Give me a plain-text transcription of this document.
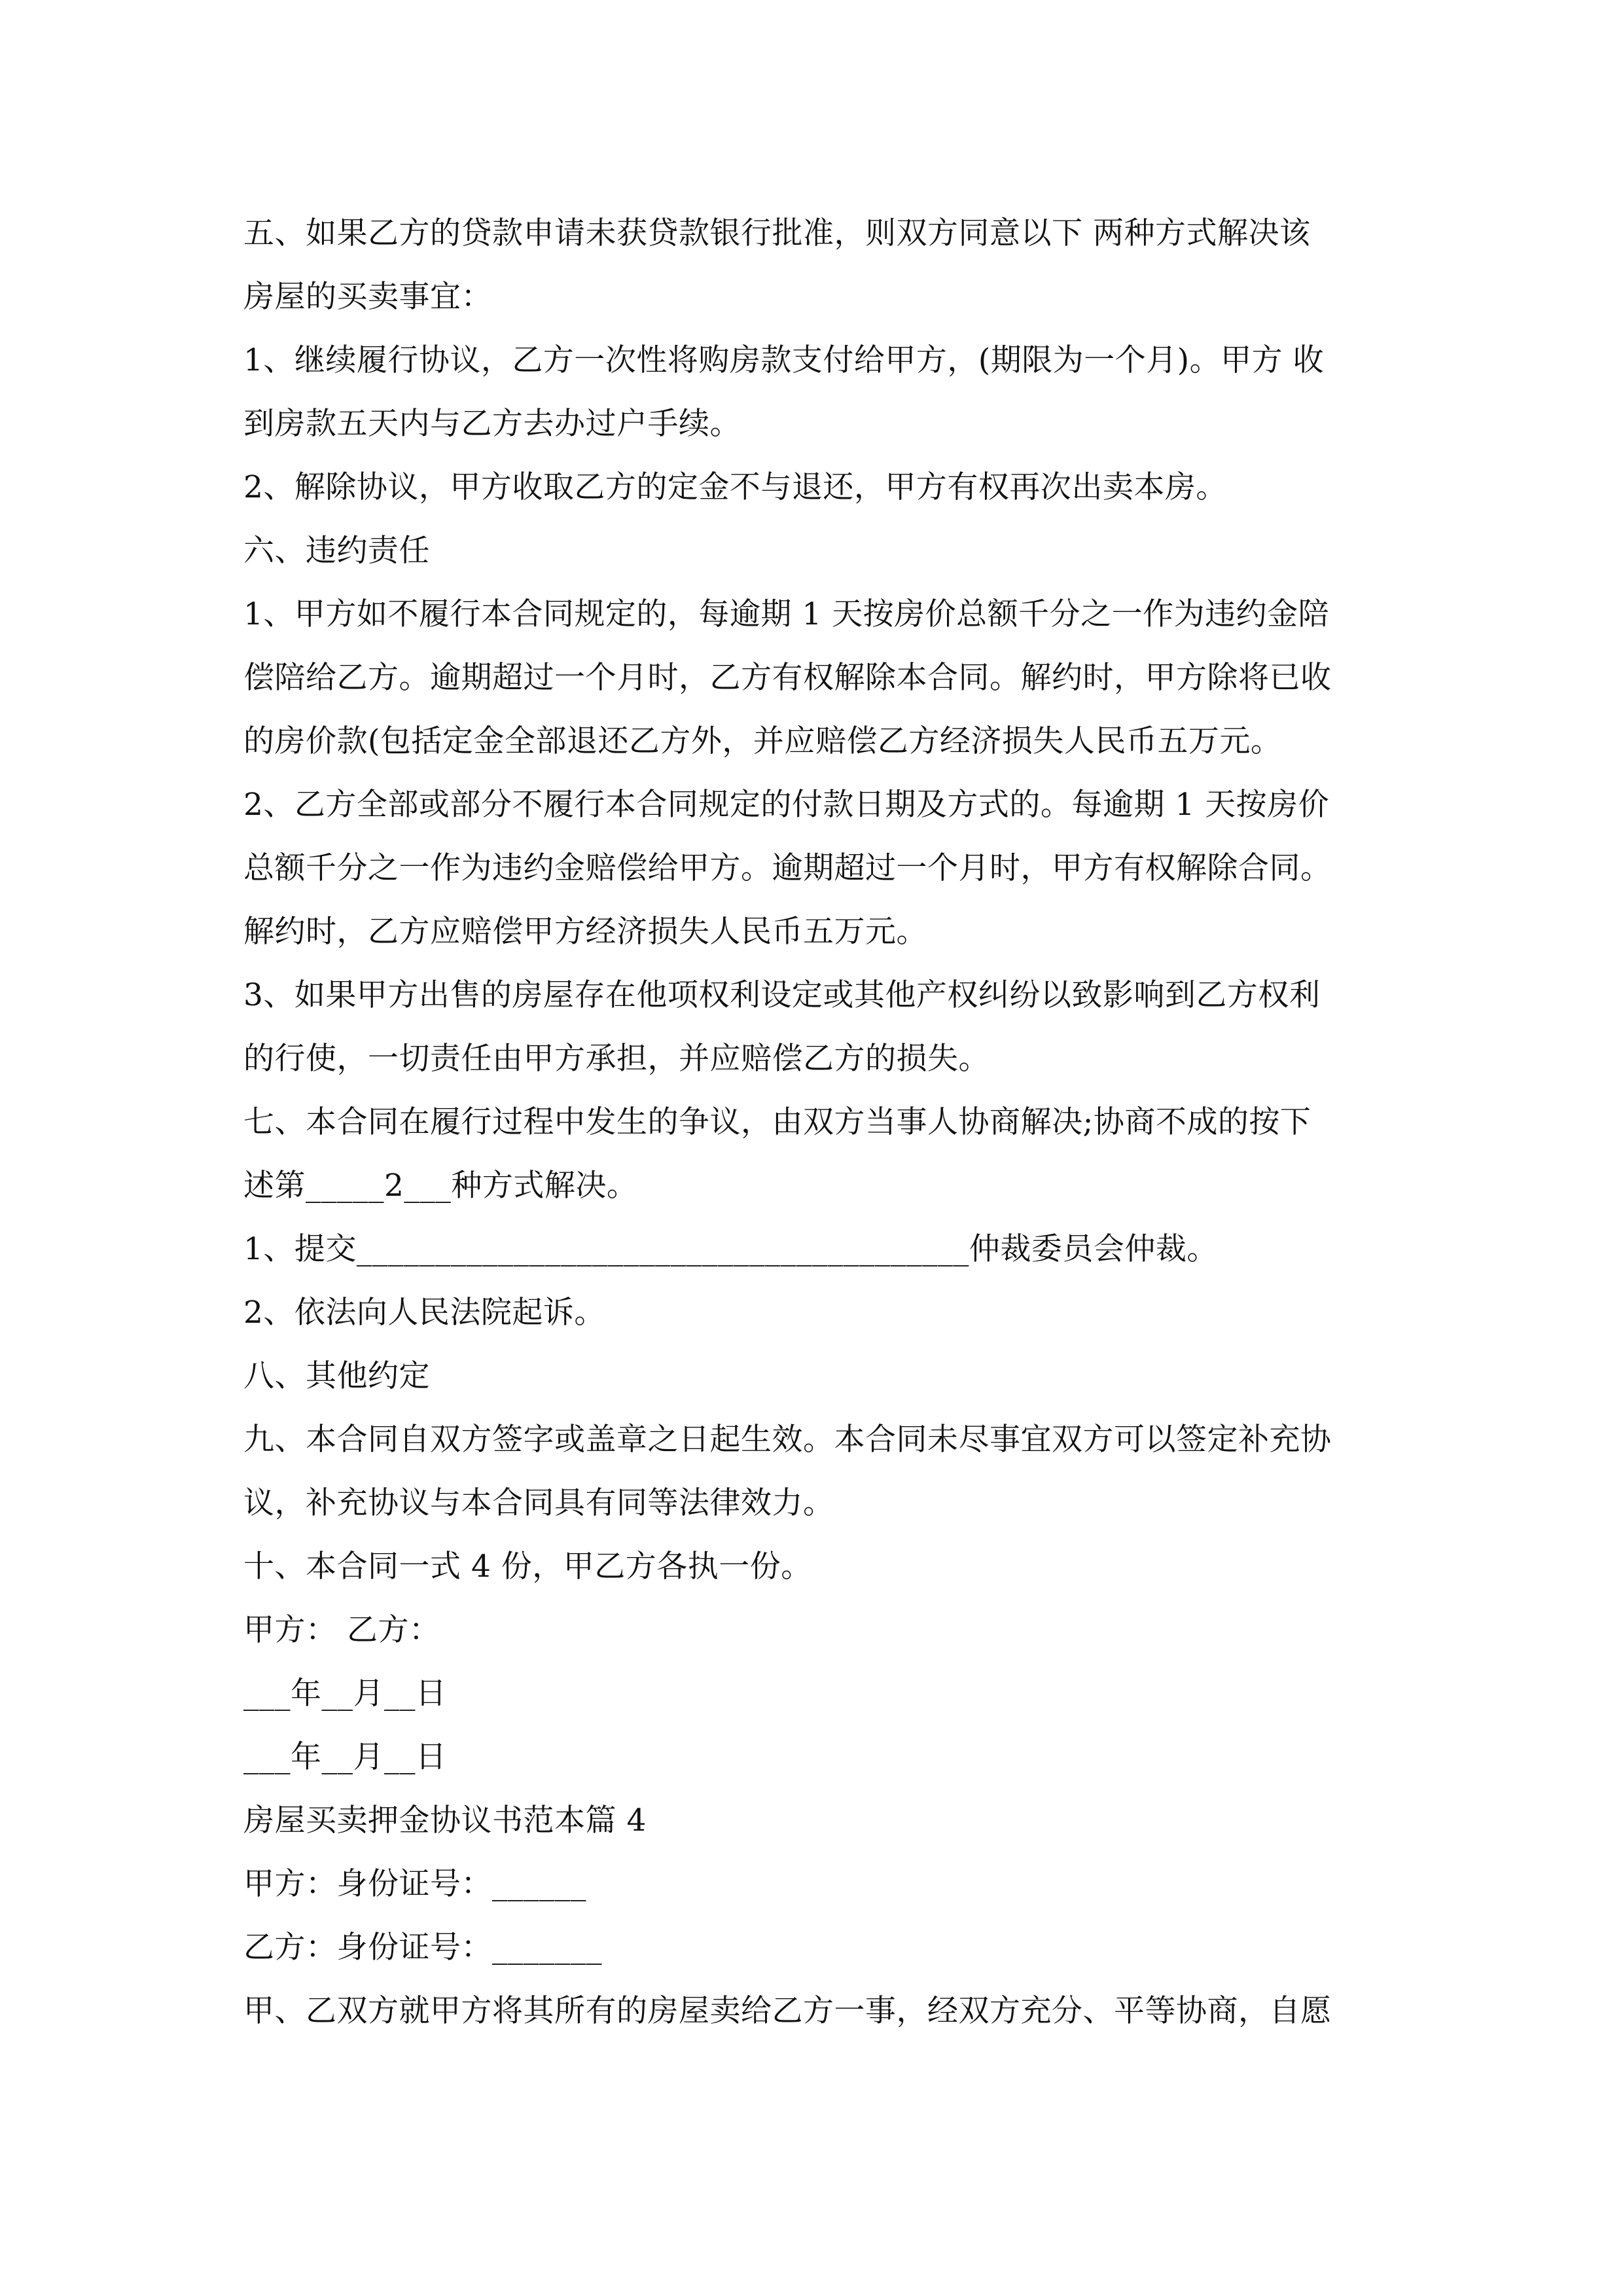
五、如果乙方的贷款申请未获贷款银行批准，则双方同意以下 两种方式解决该
房屋的买卖事宜：
1、继续履行协议，乙方一次性将购房款支付给甲方，(期限为一个月)。甲方 收
到房款五天内与乙方去办过户手续。
2、解除协议，甲方收取乙方的定金不与退还，甲方有权再次出卖本房。
六、违约责任
1、甲方如不履行本合同规定的，每逾期 1 天按房价总额千分之一作为违约金陪
偿陪给乙方。逾期超过一个月时，乙方有权解除本合同。解约时，甲方除将已收
的房价款(包括定金全部退还乙方外，并应赔偿乙方经济损失人民币五万元。
2、乙方全部或部分不履行本合同规定的付款日期及方式的。每逾期 1 天按房价
总额千分之一作为违约金赔偿给甲方。逾期超过一个月时，甲方有权解除合同。
解约时，乙方应赔偿甲方经济损失人民币五万元。
3、如果甲方出售的房屋存在他项权利设定或其他产权纠纷以致影响到乙方权利
的行使，一切责任由甲方承担，并应赔偿乙方的损失。
七、本合同在履行过程中发生的争议，由双方当事人协商解决;协商不成的按下
述第_____2___种方式解决。
1、提交_______________________________________仲裁委员会仲裁。
2、依法向人民法院起诉。
八、其他约定
九、本合同自双方签字或盖章之日起生效。本合同未尽事宜双方可以签定补充协
议，补充协议与本合同具有同等法律效力。
十、本合同一式 4 份，甲乙方各执一份。
甲方： 乙方：
___年__月__日
___年__月__日
房屋买卖押金协议书范本篇 4
甲方：身份证号：______
乙方：身份证号：_______
甲、乙双方就甲方将其所有的房屋卖给乙方一事，经双方充分、平等协商，自愿
